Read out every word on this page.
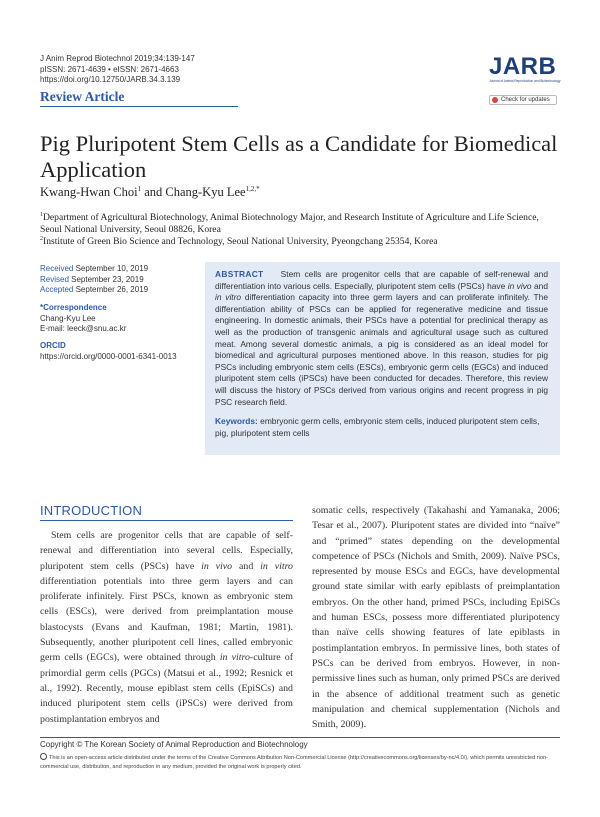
J Anim Reprod Biotechnol 2019;34:139-147
pISSN: 2671-4639 • eISSN: 2671-4663
https://doi.org/10.12750/JARB.34.3.139
Review Article
JARB
Journal of Animal Reproduction and Biotechnology
Check for updates
Pig Pluripotent Stem Cells as a Candidate for Biomedical Application
Kwang-Hwan Choi$^1$ and Chang-Kyu Lee$^{1,2,*}$
$^1$Department of Agricultural Biotechnology, Animal Biotechnology Major, and Research Institute of Agriculture and Life Science, Seoul National University, Seoul 08826, Korea
$^2$Institute of Green Bio Science and Technology, Seoul National University, Pyeongchang 25354, Korea
Received September 10, 2019
Revised September 23, 2019
Accepted September 26, 2019
*Correspondence
Chang-Kyu Lee
E-mail: leeck@snu.ac.kr
ORCID
https://orcid.org/0000-0001-6341-0013
ABSTRACT Stem cells are progenitor cells that are capable of self-renewal and differentiation into various cells. Especially, pluripotent stem cells (PSCs) have in vivo and in vitro differentiation capacity into three germ layers and can proliferate infinitely. The differentiation ability of PSCs can be applied for regenerative medicine and tissue engineering. In domestic animals, their PSCs have a potential for preclinical therapy as well as the production of transgenic animals and agricultural usage such as cultured meat. Among several domestic animals, a pig is considered as an ideal model for biomedical and agricultural purposes mentioned above. In this reason, studies for pig PSCs including embryonic stem cells (ESCs), embryonic germ cells (EGCs) and induced pluripotent stem cells (iPSCs) have been conducted for decades. Therefore, this review will discuss the history of PSCs derived from various origins and recent progress in pig PSC research field.
Keywords: embryonic germ cells, embryonic stem cells, induced pluripotent stem cells, pig, pluripotent stem cells
INTRODUCTION
Stem cells are progenitor cells that are capable of self-renewal and differentiation into several cells. Especially, pluripotent stem cells (PSCs) have in vivo and in vitro differentiation potentials into three germ layers and can proliferate infinitely. First PSCs, known as embryonic stem cells (ESCs), were derived from preimplantation mouse blastocysts (Evans and Kaufman, 1981; Martin, 1981). Subsequently, another pluripotent cell lines, called embryonic germ cells (EGCs), were obtained through in vitro-culture of primordial germ cells (PGCs) (Matsui et al., 1992; Resnick et al., 1992). Recently, mouse epiblast stem cells (EpiSCs) and induced pluripotent stem cells (iPSCs) were derived from postimplantation embryos and
somatic cells, respectively (Takahashi and Yamanaka, 2006; Tesar et al., 2007). Pluripotent states are divided into “naïve” and “primed” states depending on the developmental competence of PSCs (Nichols and Smith, 2009). Naïve PSCs, represented by mouse ESCs and EGCs, have developmental ground state similar with early epiblasts of preimplantation embryos. On the other hand, primed PSCs, including EpiSCs and human ESCs, possess more differentiated pluripotency than naïve cells showing features of late epiblasts in postimplantation embryos. In permissive lines, both states of PSCs can be derived from embryos. However, in non-permissive lines such as human, only primed PSCs are derived in the absence of additional treatment such as genetic manipulation and chemical supplementation (Nichols and Smith, 2009).
Copyright © The Korean Society of Animal Reproduction and Biotechnology
This is an open-access article distributed under the terms of the Creative Commons Attribution Non-Commercial License (http://creativecommons.org/licenses/by-nc/4.0/), which permits unrestricted non-commercial use, distribution, and reproduction in any medium, provided the original work is properly cited.
